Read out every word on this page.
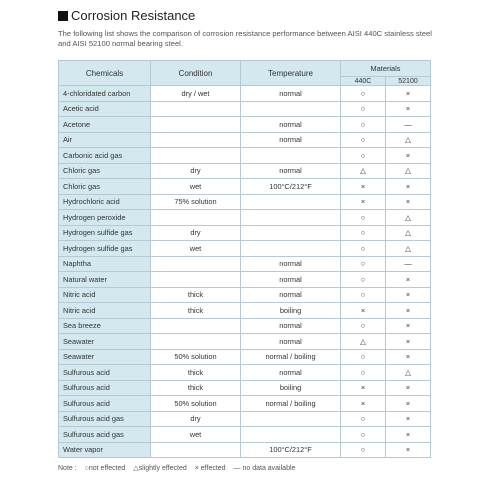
Corrosion Resistance
The following list shows the comparison of corrosion resistance performance between AISI 440C stainless steel and AISI 52100 normal bearing steel.
Chemicals	Condition	Temperature	Materials	
			440C	52100
4-chloridated carbon	dry / wet	normal	○	×
Acetic acid			○	×
Acetone		normal	○	—
Air		normal	○	△
Carbonic acid gas			○	×
Chloric gas	dry	normal	△	△
Chloric gas	wet	100°C/212°F	×	×
Hydrochloric acid	75% solution		×	×
Hydrogen peroxide			○	△
Hydrogen sulfide gas	dry		○	△
Hydrogen sulfide gas	wet		○	△
Naphtha		normal	○	—
Natural water		normal	○	×
Nitric acid	thick	normal	○	×
Nitric acid	thick	boiling	×	×
Sea breeze		normal	○	×
Seawater		normal	△	×
Seawater	50% solution	normal / boiling	○	×
Sulfurous acid	thick	normal	○	△
Sulfurous acid	thick	boiling	×	×
Sulfurous acid	50% solution	normal / boiling	×	×
Sulfurous acid gas	dry		○	×
Sulfurous acid gas	wet		○	×
Water vapor		100°C/212°F	○	×
Note : ○not effected △slightly effected × effected — no data available
